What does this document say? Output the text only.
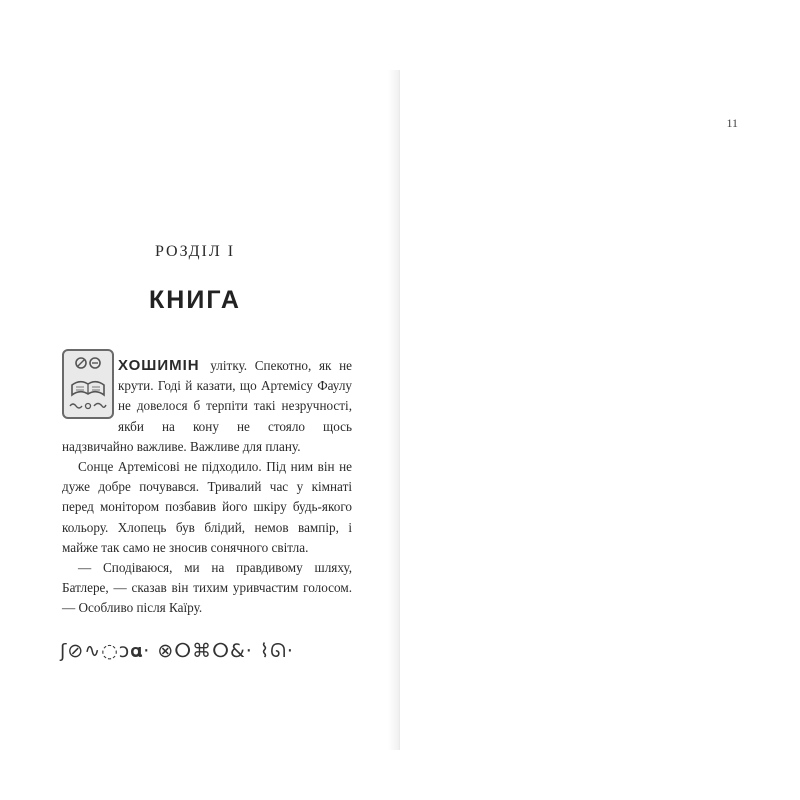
РОЗДІЛ I
КНИГА

ХОШИМІН улітку. Спекотно, як не крути. Годі й казати, що Артемісу Фаулу не довелося б терпіти такі незручності, якби на кону не стояло щось надзвичайно важливе. Важливе для плану.

Сонце Артемісові не підходило. Під ним він не дуже добре почувався. Тривалий час у кімнаті перед монітором позбавив його шкіру будь-якого кольору. Хлопець був блідий, немов вампір, і майже так само не зносив сонячного світла.

— Сподіваюся, ми на правдивому шляху, Батлере, — сказав він тихим уривчастим голосом. — Особливо після Каїру.

ʃ⊘∿◌ↄ𝛂· ⊗ⵔ⌘ⵔ&· ⌇ᘏ·
11
